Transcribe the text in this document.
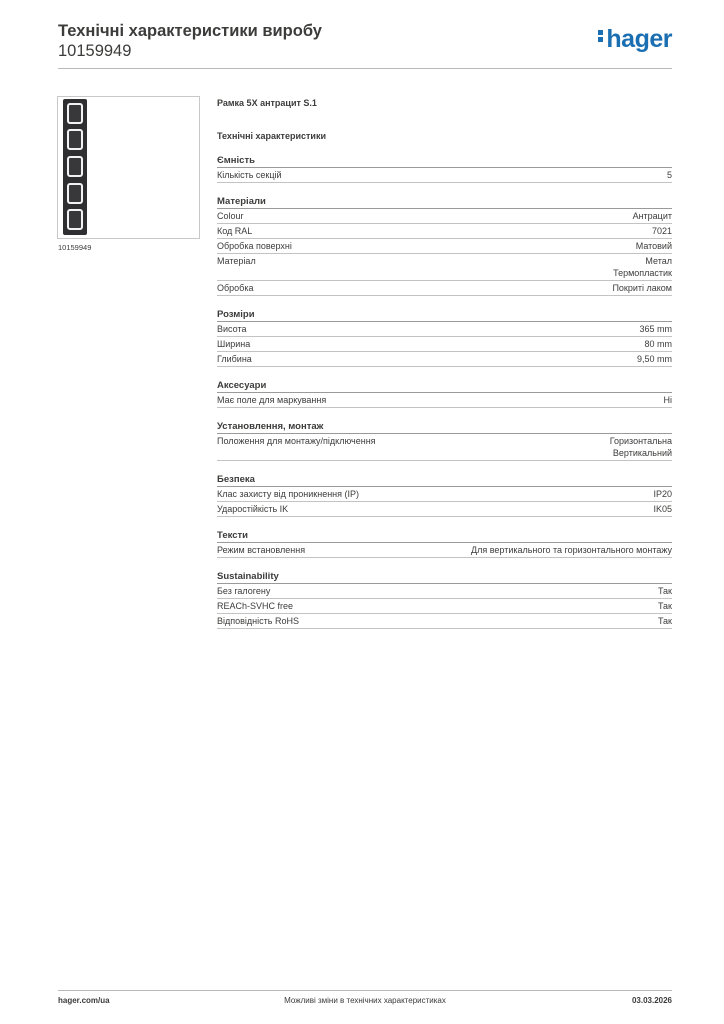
Технічні характеристики виробу
10159949	hager
10159949
Рамка 5X антрацит S.1
Технічні характеристики
Ємність
Кількість секцій	5
Матеріали
Colour	Антрацит
Код RAL	7021
Обробка поверхні	Матовий
Матеріал	Метал
Термопластик
Обробка	Покриті лаком
Розміри
Висота	365 mm
Ширина	80 mm
Глибина	9,50 mm
Аксесуари
Має поле для маркування	Ні
Установлення, монтаж
Положення для монтажу/підключення	Горизонтальна
Вертикальний
Безпека
Клас захисту від проникнення (IP)	IP20
Ударостійкість IK	IK05
Тексти
Режим встановлення	Для вертикального та горизонтального монтажу
Sustainability
Без галогену	Так
REACh-SVHC free	Так
Відповідність RoHS	Так
hager.com/ua	Можливі зміни в технічних характеристиках	03.03.2026
